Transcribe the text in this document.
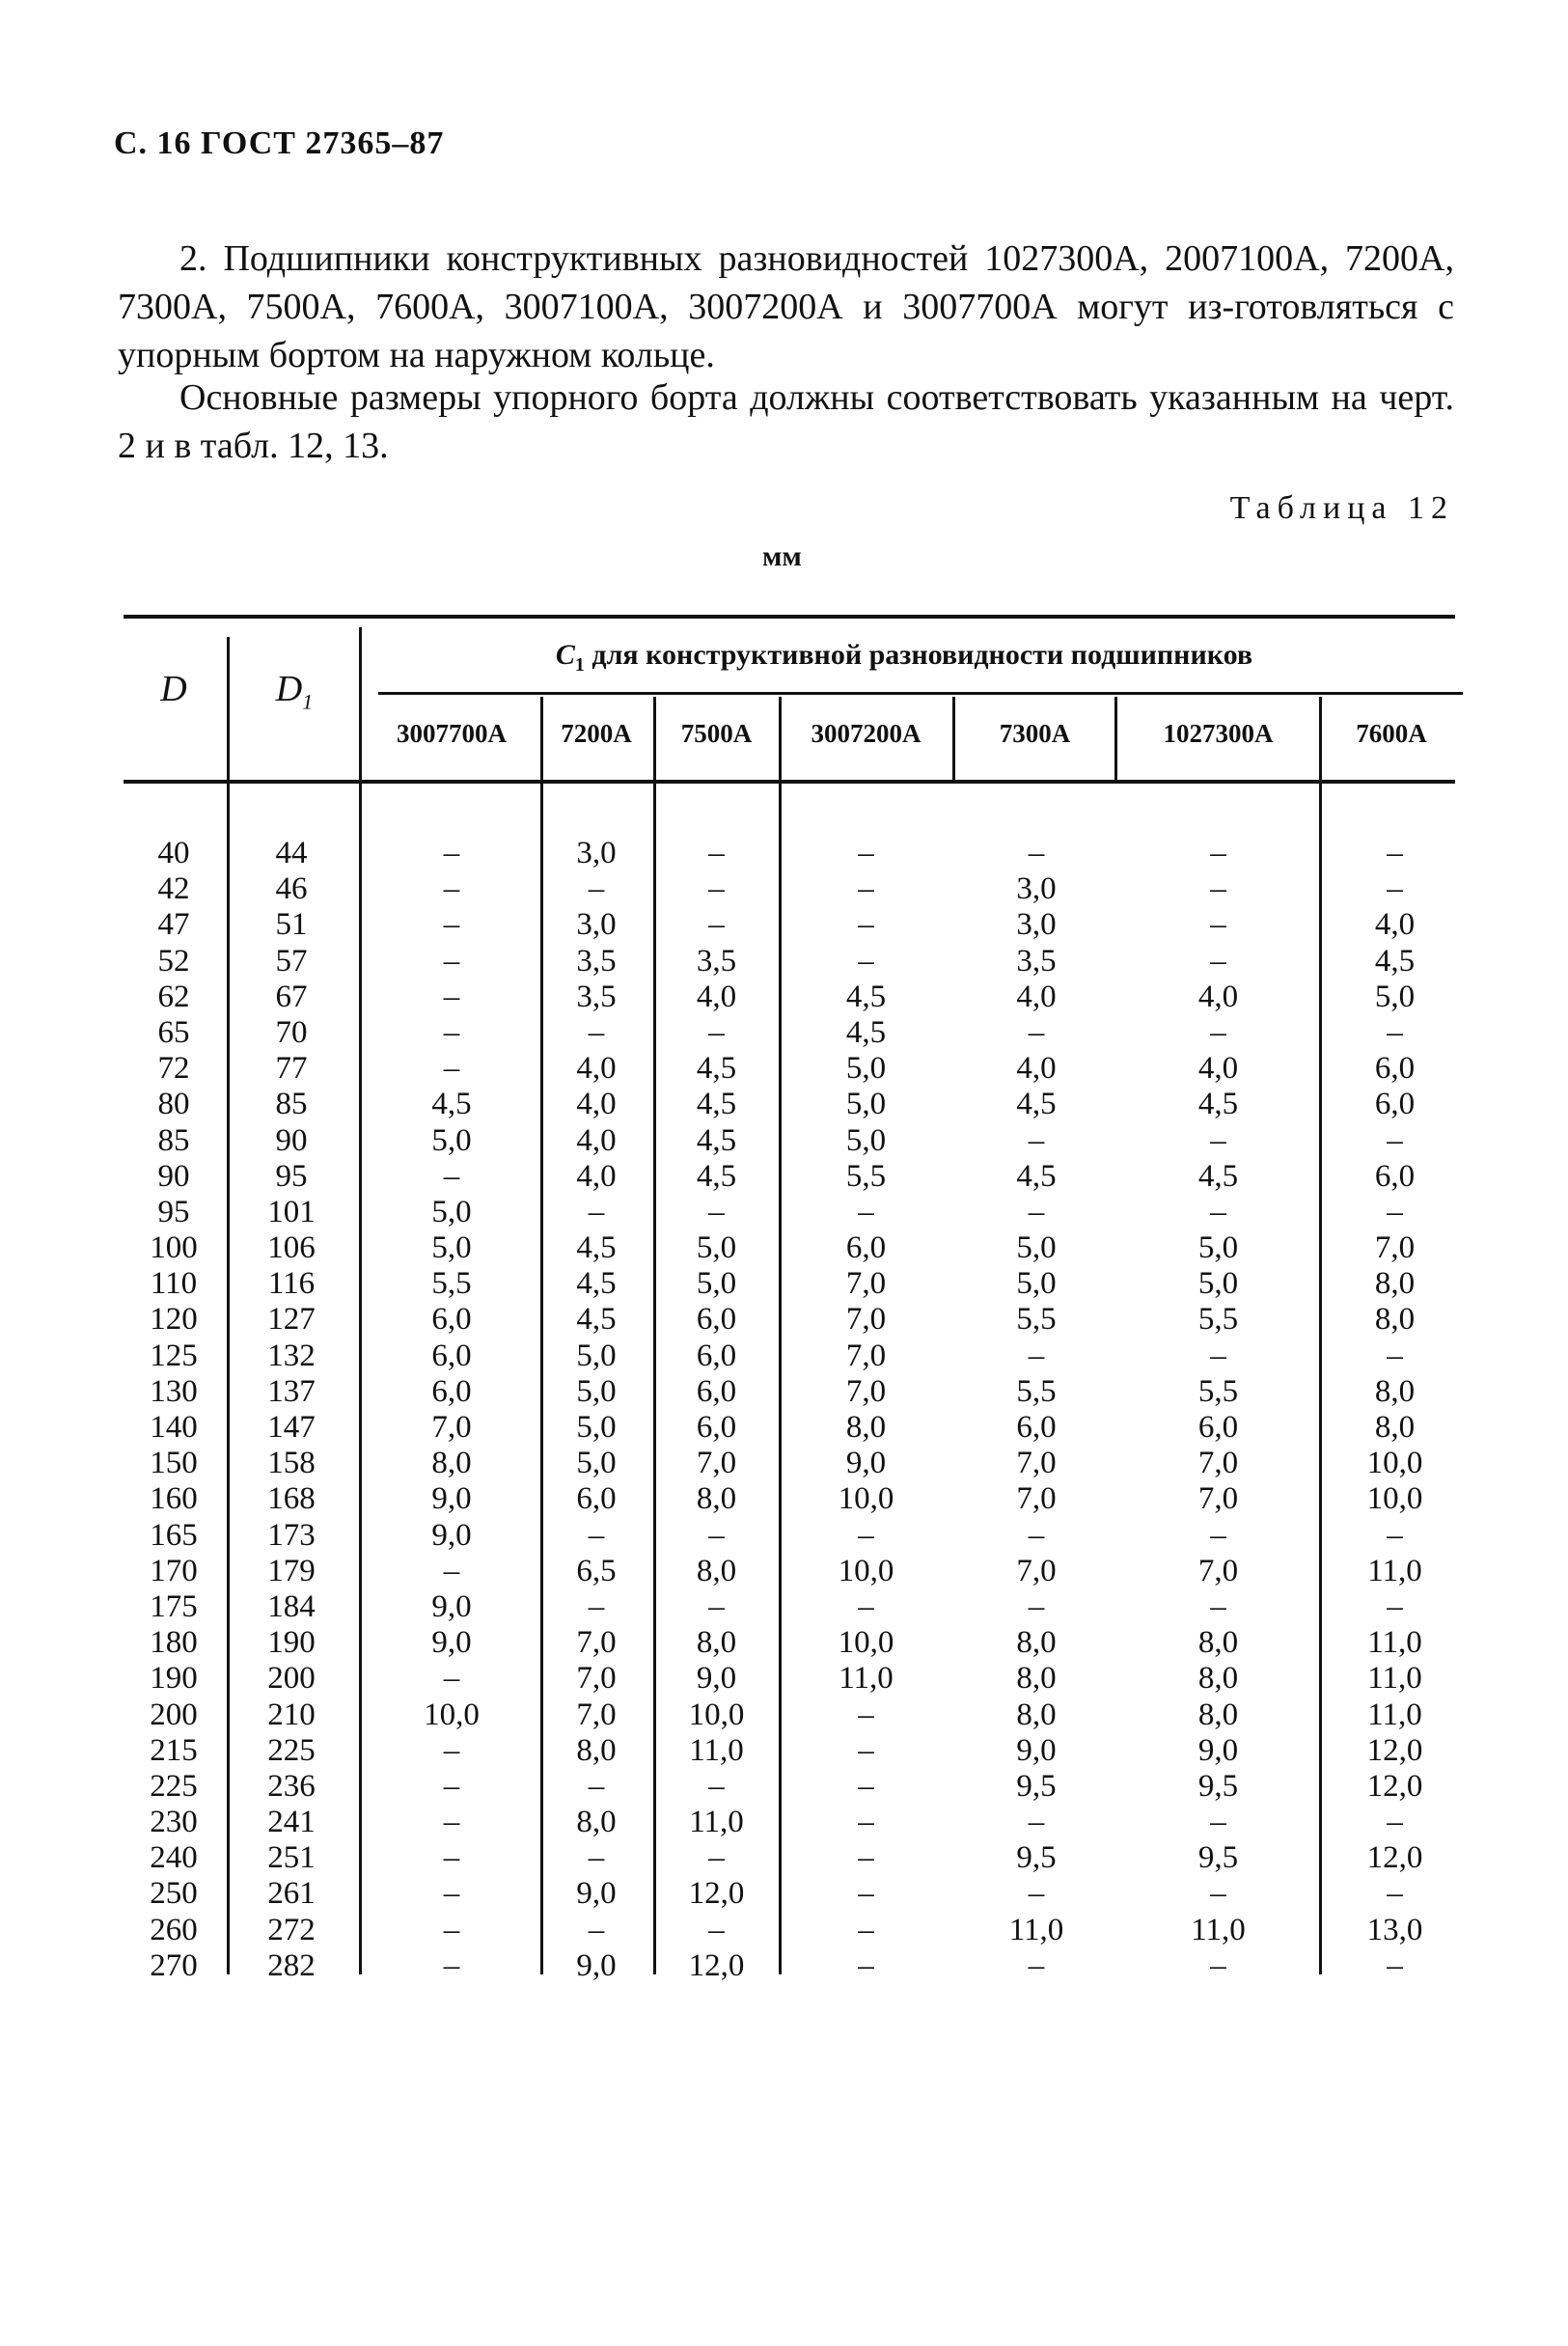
С. 16 ГОСТ 27365–87
2. Подшипники конструктивных разновидностей 1027300А, 2007100А, 7200А, 7300А, 7500А, 7600А, 3007100А, 3007200А и 3007700А могут из-готовляться с упорным бортом на наружном кольце.
Основные размеры упорного борта должны соответствовать указанным на черт. 2 и в табл. 12, 13.
Таблица 12
мм
D	$D_1$
$C_1$ для конструктивной разновидности подшипников
3007700А	7200А	7500А	3007200А	7300А	1027300А	7600А
40	44	–	3,0	–	–	–	–	–
42	46	–	–	–	–	3,0	–	–
47	51	–	3,0	–	–	3,0	–	4,0
52	57	–	3,5	3,5	–	3,5	–	4,5
62	67	–	3,5	4,0	4,5	4,0	4,0	5,0
65	70	–	–	–	4,5	–	–	–
72	77	–	4,0	4,5	5,0	4,0	4,0	6,0
80	85	4,5	4,0	4,5	5,0	4,5	4,5	6,0
85	90	5,0	4,0	4,5	5,0	–	–	–
90	95	–	4,0	4,5	5,5	4,5	4,5	6,0
95	101	5,0	–	–	–	–	–	–
100	106	5,0	4,5	5,0	6,0	5,0	5,0	7,0
110	116	5,5	4,5	5,0	7,0	5,0	5,0	8,0
120	127	6,0	4,5	6,0	7,0	5,5	5,5	8,0
125	132	6,0	5,0	6,0	7,0	–	–	–
130	137	6,0	5,0	6,0	7,0	5,5	5,5	8,0
140	147	7,0	5,0	6,0	8,0	6,0	6,0	8,0
150	158	8,0	5,0	7,0	9,0	7,0	7,0	10,0
160	168	9,0	6,0	8,0	10,0	7,0	7,0	10,0
165	173	9,0	–	–	–	–	–	–
170	179	–	6,5	8,0	10,0	7,0	7,0	11,0
175	184	9,0	–	–	–	–	–	–
180	190	9,0	7,0	8,0	10,0	8,0	8,0	11,0
190	200	–	7,0	9,0	11,0	8,0	8,0	11,0
200	210	10,0	7,0	10,0	–	8,0	8,0	11,0
215	225	–	8,0	11,0	–	9,0	9,0	12,0
225	236	–	–	–	–	9,5	9,5	12,0
230	241	–	8,0	11,0	–	–	–	–
240	251	–	–	–	–	9,5	9,5	12,0
250	261	–	9,0	12,0	–	–	–	–
260	272	–	–	–	–	11,0	11,0	13,0
270	282	–	9,0	12,0	–	–	–	–
